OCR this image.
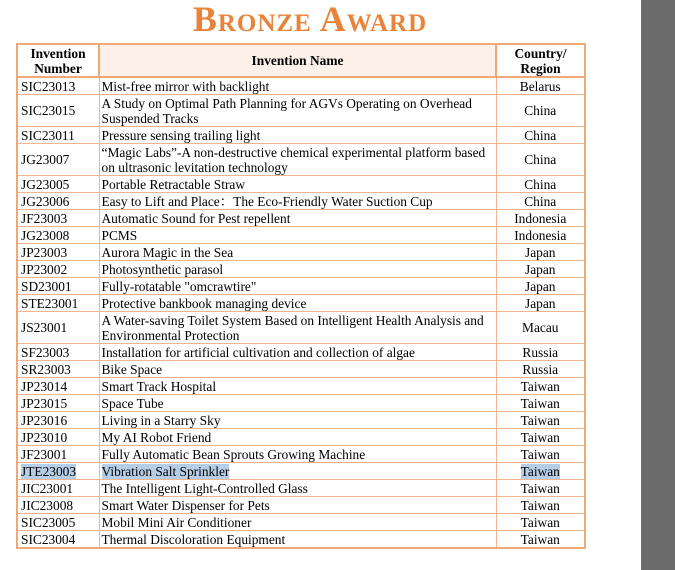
Bronze Award
Invention Number	Invention Name	Country/ Region
SIC23013	Mist-free mirror with backlight	Belarus
SIC23015	A Study on Optimal Path Planning for AGVs Operating on Overhead Suspended Tracks	China
SIC23011	Pressure sensing trailing light	China
JG23007	“Magic Labs”-A non-destructive chemical experimental platform based on ultrasonic levitation technology	China
JG23005	Portable Retractable Straw	China
JG23006	Easy to Lift and Place：The Eco-Friendly Water Suction Cup	China
JF23003	Automatic Sound for Pest repellent	Indonesia
JG23008	PCMS	Indonesia
JP23003	Aurora Magic in the Sea	Japan
JP23002	Photosynthetic parasol	Japan
SD23001	Fully-rotatable "omcrawtire"	Japan
STE23001	Protective bankbook managing device	Japan
JS23001	A Water-saving Toilet System Based on Intelligent Health Analysis and Environmental Protection	Macau
SF23003	Installation for artificial cultivation and collection of algae	Russia
SR23003	Bike Space	Russia
JP23014	Smart Track Hospital	Taiwan
JP23015	Space Tube	Taiwan
JP23016	Living in a Starry Sky	Taiwan
JP23010	My AI Robot Friend	Taiwan
JF23001	Fully Automatic Bean Sprouts Growing Machine	Taiwan
JTE23003	Vibration Salt Sprinkler	Taiwan
JIC23001	The Intelligent Light-Controlled Glass	Taiwan
JIC23008	Smart Water Dispenser for Pets	Taiwan
SIC23005	Mobil Mini Air Conditioner	Taiwan
SIC23004	Thermal Discoloration Equipment	Taiwan
